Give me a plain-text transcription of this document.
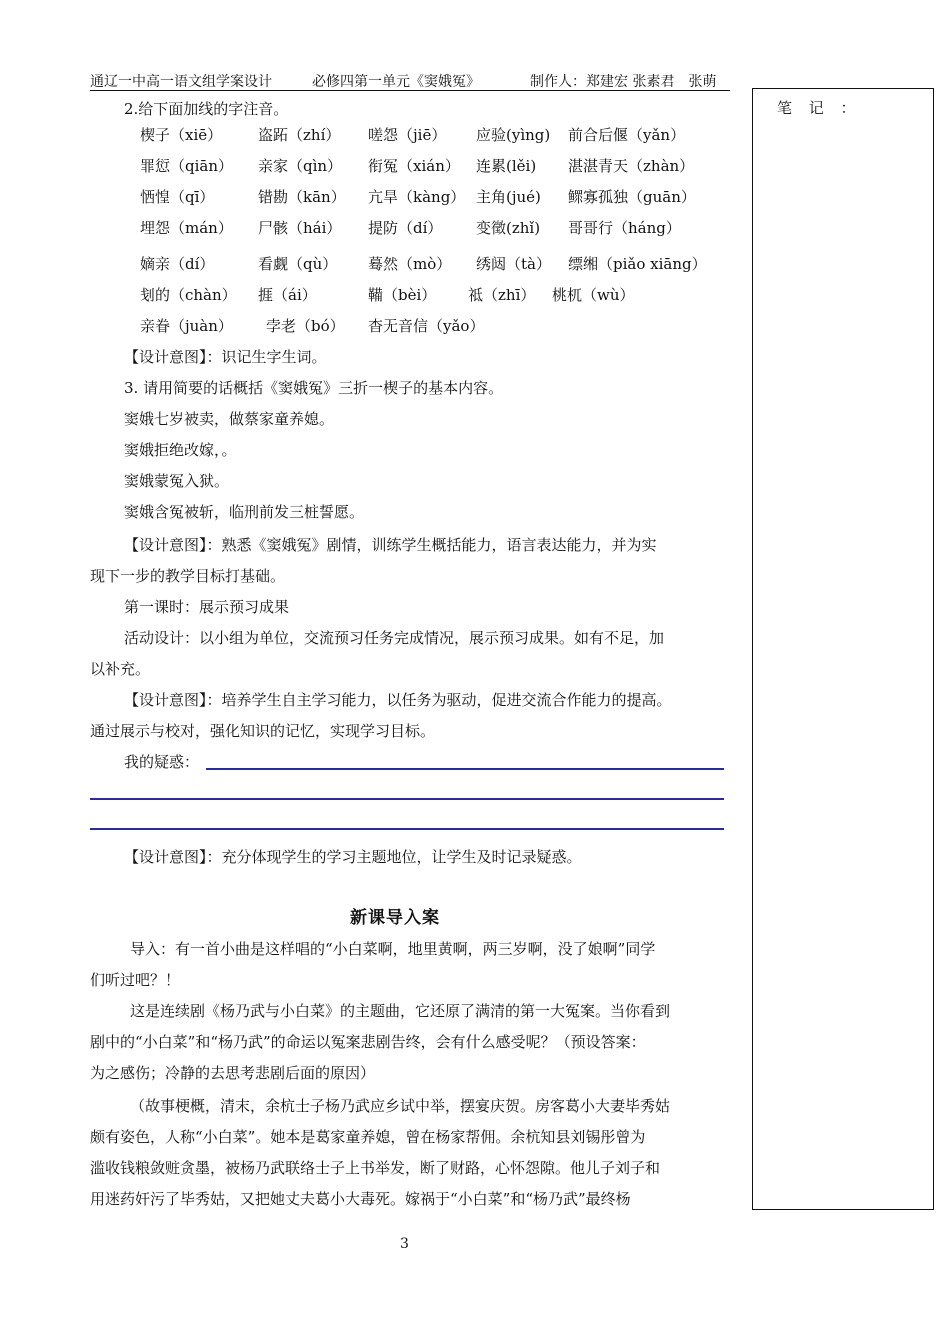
通辽一中高一语文组学案设计	必修四第一单元《窦娥冤》	制作人：郑建宏 张素君　张萌
笔 记 ：
2.给下面加线的字注音。
楔子（xiē） 盗跖（zhí） 嗟怨（jiē） 应验(yìng) 前合后偃（yǎn）
罪愆（qiān） 亲家（qìn） 衔冤（xián） 连累(lěi) 湛湛青天（zhàn）
恓惶（qī）	错勘（kān） 亢旱（kàng） 主角(jué) 鳏寡孤独（guān）
埋怨（mán） 尸骸（hái） 提防（dí） 变徵(zhǐ) 哥哥行（háng）
嫡亲（dí）	看觑（qù） 蓦然（mò） 绣闼（tà） 缥缃（piǎo xiāng）
刬的（chàn） 捱（ái）	鞴（bèi） 祗（zhī） 桃杌（wù）
亲眷（juàn） 孛老（bó） 杳无音信（yǎo）
【设计意图】：识记生字生词。
3. 请用简要的话概括《窦娥冤》三折一楔子的基本内容。
窦娥七岁被卖，做蔡家童养媳。
窦娥拒绝改嫁，。
窦娥蒙冤入狱。
窦娥含冤被斩，临刑前发三桩誓愿。
【设计意图】：熟悉《窦娥冤》剧情，训练学生概括能力，语言表达能力，并为实
现下一步的教学目标打基础。
第一课时：展示预习成果
活动设计：以小组为单位，交流预习任务完成情况，展示预习成果。如有不足，加
以补充。
【设计意图】：培养学生自主学习能力，以任务为驱动，促进交流合作能力的提高。
通过展示与校对，强化知识的记忆，实现学习目标。
我的疑惑：
【设计意图】：充分体现学生的学习主题地位，让学生及时记录疑惑。
新课导入案
导入：有一首小曲是这样唱的“小白菜啊，地里黄啊，两三岁啊，没了娘啊”同学
们听过吧？！
这是连续剧《杨乃武与小白菜》的主题曲，它还原了满清的第一大冤案。当你看到
剧中的“小白菜”和“杨乃武”的命运以冤案悲剧告终，会有什么感受呢？（预设答案：
为之感伤；冷静的去思考悲剧后面的原因）
（故事梗概，清末，余杭士子杨乃武应乡试中举，摆宴庆贺。房客葛小大妻毕秀姑
颇有姿色，人称“小白菜”。她本是葛家童养媳，曾在杨家帮佣。余杭知县刘锡彤曾为
滥收钱粮敛赃贪墨，被杨乃武联络士子上书举发，断了财路，心怀怨隙。他儿子刘子和
用迷药奸污了毕秀姑，又把她丈夫葛小大毒死。嫁祸于“小白菜”和“杨乃武”最终杨
3
